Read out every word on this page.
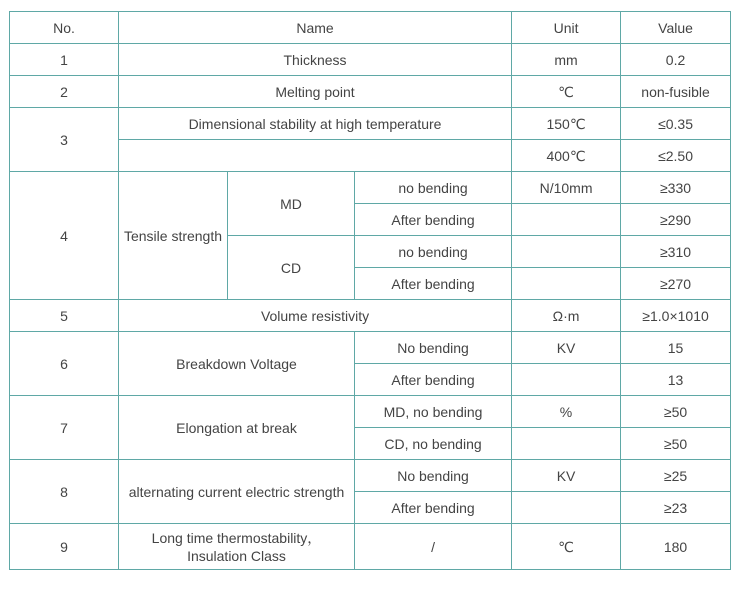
No.	Name			Unit	Value
1	Thickness			mm	0.2
2	Melting point			℃	non-fusible
3	Dimensional stability at high temperature			150℃	≤0.35
				400℃	≤2.50
4	Tensile strength	MD	no bending	N/10mm	≥330
			After bending		≥290
		CD	no bending		≥310
			After bending		≥270
5	Volume resistivity			Ω·m	≥1.0×1010
6	Breakdown Voltage		No bending	KV	15
			After bending		13
7	Elongation at break		MD, no bending	%	≥50
			CD, no bending		≥50
8	alternating current electric strength		No bending	KV	≥25
			After bending		≥23
9	Long time thermostability，
Insulation Class		/	℃	180
